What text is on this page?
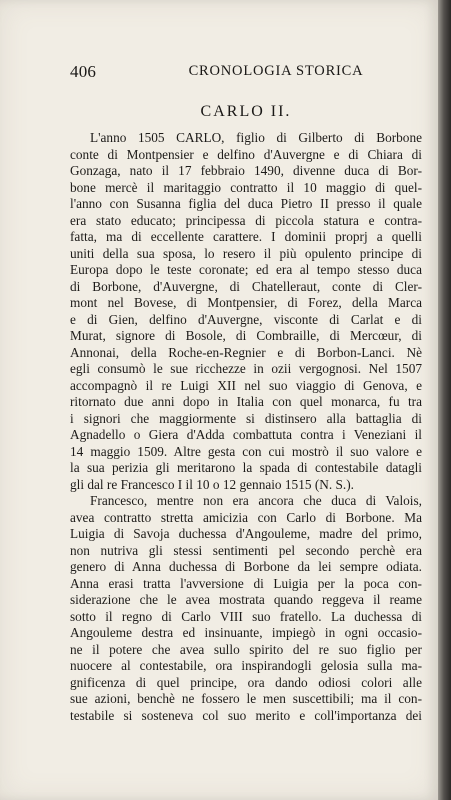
406	CRONOLOGIA STORICA
CARLO II.
L'anno 1505 CARLO, figlio di Gilberto di Borbone
conte di Montpensier e delfino d'Auvergne e di Chiara di
Gonzaga, nato il 17 febbraio 1490, divenne duca di Bor-
bone mercè il maritaggio contratto il 10 maggio di quel-
l'anno con Susanna figlia del duca Pietro II presso il quale
era stato educato; principessa di piccola statura e contra-
fatta, ma di eccellente carattere. I dominii proprj a quelli
uniti della sua sposa, lo resero il più opulento principe di
Europa dopo le teste coronate; ed era al tempo stesso duca
di Borbone, d'Auvergne, di Chatelleraut, conte di Cler-
mont nel Bovese, di Montpensier, di Forez, della Marca
e di Gien, delfino d'Auvergne, visconte di Carlat e di
Murat, signore di Bosole, di Combraille, di Mercœur, di
Annonai, della Roche-en-Regnier e di Borbon-Lanci. Nè
egli consumò le sue ricchezze in ozii vergognosi. Nel 1507
accompagnò il re Luigi XII nel suo viaggio di Genova, e
ritornato due anni dopo in Italia con quel monarca, fu tra
i signori che maggiormente si distinsero alla battaglia di
Agnadello o Giera d'Adda combattuta contra i Veneziani il
14 maggio 1509. Altre gesta con cui mostrò il suo valore e
la sua perizia gli meritarono la spada di contestabile datagli
gli dal re Francesco I il 10 o 12 gennaio 1515 (N. S.).
Francesco, mentre non era ancora che duca di Valois,
avea contratto stretta amicizia con Carlo di Borbone. Ma
Luigia di Savoja duchessa d'Angouleme, madre del primo,
non nutriva gli stessi sentimenti pel secondo perchè era
genero di Anna duchessa di Borbone da lei sempre odiata.
Anna erasi tratta l'avversione di Luigia per la poca con-
siderazione che le avea mostrata quando reggeva il reame
sotto il regno di Carlo VIII suo fratello. La duchessa di
Angouleme destra ed insinuante, impiegò in ogni occasio-
ne il potere che avea sullo spirito del re suo figlio per
nuocere al contestabile, ora inspirandogli gelosia sulla ma-
gnificenza di quel principe, ora dando odiosi colori alle
sue azioni, benchè ne fossero le men suscettibili; ma il con-
testabile si sosteneva col suo merito e coll'importanza dei
